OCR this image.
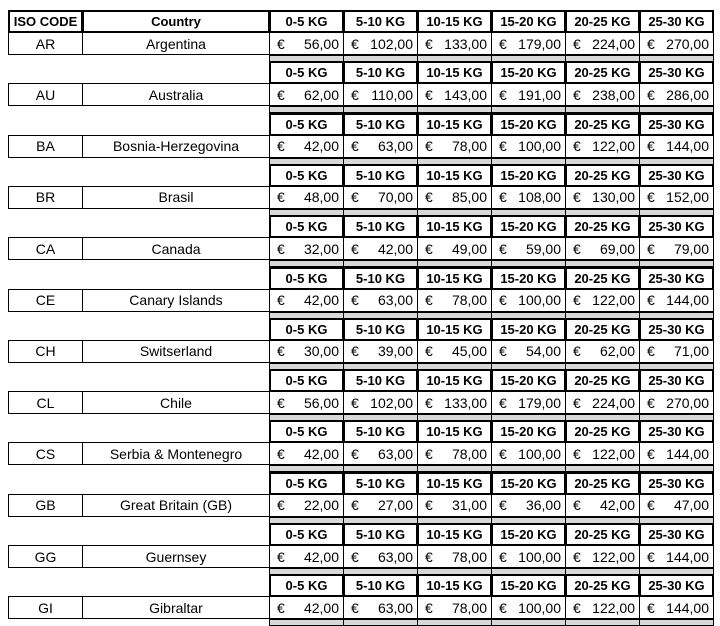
ISO CODE	Country	0-5 KG	5-10 KG	10-15 KG	15-20 KG	20-25 KG	25-30 KG
AR	Argentina	€ 56,00 € 102,00 € 133,00 € 179,00 € 224,00 € 270,00
0-5 KG	5-10 KG	10-15 KG	15-20 KG	20-25 KG	25-30 KG
AU	Australia	€ 62,00 € 110,00 € 143,00 € 191,00 € 238,00 € 286,00
0-5 KG	5-10 KG	10-15 KG	15-20 KG	20-25 KG	25-30 KG
BA	Bosnia-Herzegovina	€ 42,00 € 63,00 € 78,00 € 100,00 € 122,00 € 144,00
0-5 KG	5-10 KG	10-15 KG	15-20 KG	20-25 KG	25-30 KG
BR	Brasil	€ 48,00 € 70,00 € 85,00 € 108,00 € 130,00 € 152,00
0-5 KG	5-10 KG	10-15 KG	15-20 KG	20-25 KG	25-30 KG
CA	Canada	€ 32,00 € 42,00 € 49,00 € 59,00 € 69,00 € 79,00
0-5 KG	5-10 KG	10-15 KG	15-20 KG	20-25 KG	25-30 KG
CE	Canary Islands	€ 42,00 € 63,00 € 78,00 € 100,00 € 122,00 € 144,00
0-5 KG	5-10 KG	10-15 KG	15-20 KG	20-25 KG	25-30 KG
CH	Switserland	€ 30,00 € 39,00 € 45,00 € 54,00 € 62,00 € 71,00
0-5 KG	5-10 KG	10-15 KG	15-20 KG	20-25 KG	25-30 KG
CL	Chile	€ 56,00 € 102,00 € 133,00 € 179,00 € 224,00 € 270,00
0-5 KG	5-10 KG	10-15 KG	15-20 KG	20-25 KG	25-30 KG
CS	Serbia & Montenegro	€ 42,00 € 63,00 € 78,00 € 100,00 € 122,00 € 144,00
0-5 KG	5-10 KG	10-15 KG	15-20 KG	20-25 KG	25-30 KG
GB	Great Britain (GB)	€ 22,00 € 27,00 € 31,00 € 36,00 € 42,00 € 47,00
0-5 KG	5-10 KG	10-15 KG	15-20 KG	20-25 KG	25-30 KG
GG	Guernsey	€ 42,00 € 63,00 € 78,00 € 100,00 € 122,00 € 144,00
0-5 KG	5-10 KG	10-15 KG	15-20 KG	20-25 KG	25-30 KG
GI	Gibraltar	€ 42,00 € 63,00 € 78,00 € 100,00 € 122,00 € 144,00
